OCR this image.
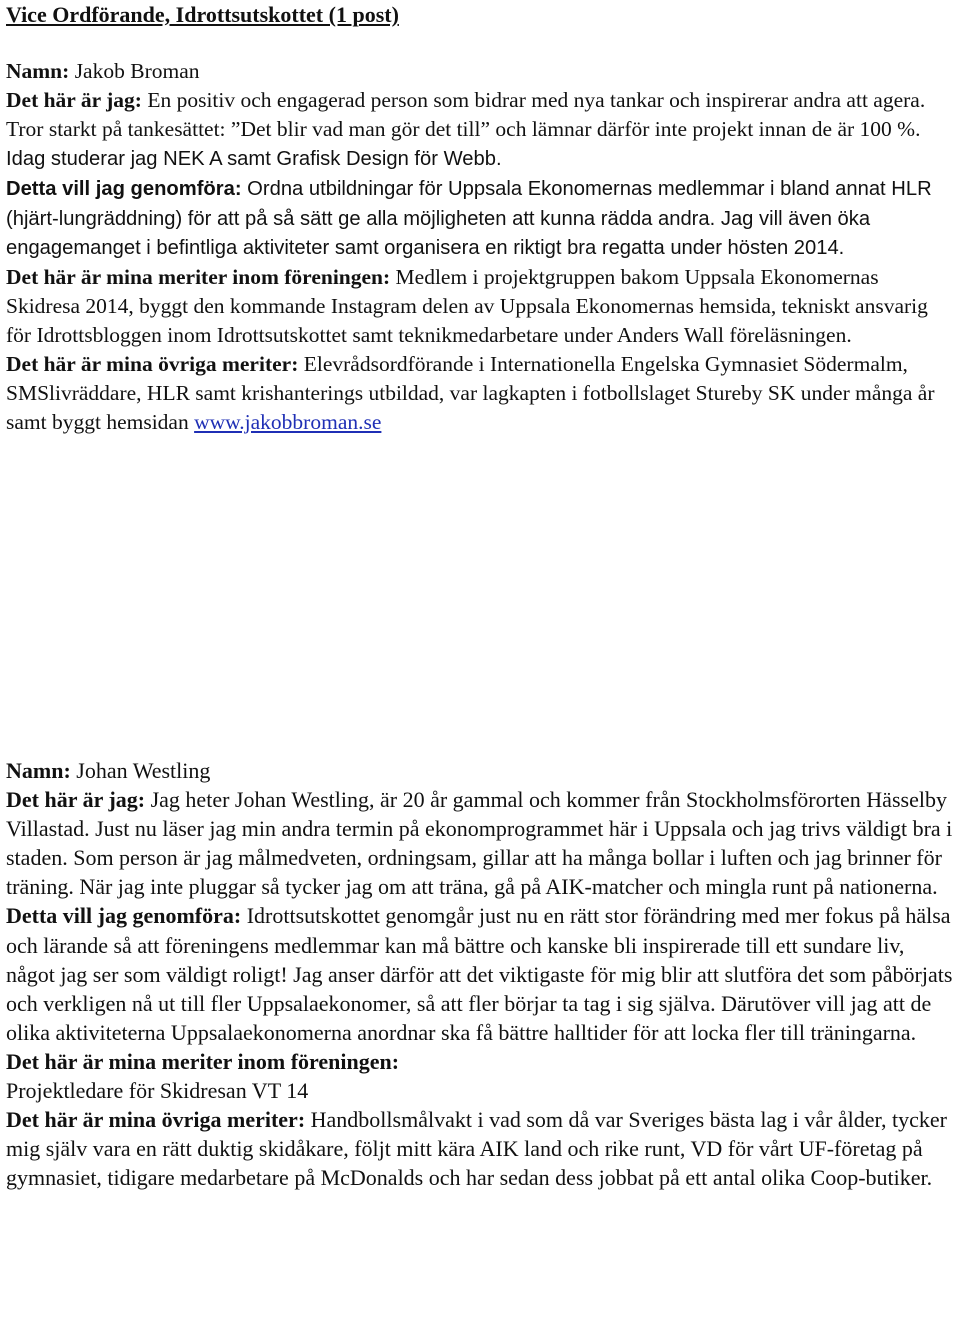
Vice Ordförande, Idrottsutskottet (1 post)

Namn: Jakob Broman

Det här är jag: En positiv och engagerad person som bidrar med nya tankar och inspirerar andra att agera. Tror starkt på tankesättet: ”Det blir vad man gör det till” och lämnar därför inte projekt innan de är 100 %. Idag studerar jag NEK A samt Grafisk Design för Webb.

Detta vill jag genomföra: Ordna utbildningar för Uppsala Ekonomernas medlemmar i bland annat HLR (hjärt-lungräddning) för att på så sätt ge alla möjligheten att kunna rädda andra. Jag vill även öka engagemanget i befintliga aktiviteter samt organisera en riktigt bra regatta under hösten 2014.

Det här är mina meriter inom föreningen: Medlem i projektgruppen bakom Uppsala Ekonomernas Skidresa 2014, byggt den kommande Instagram delen av Uppsala Ekonomernas hemsida, tekniskt ansvarig för Idrottsbloggen inom Idrottsutskottet samt teknikmedarbetare under Anders Wall föreläsningen.

Det här är mina övriga meriter: Elevrådsordförande i Internationella Engelska Gymnasiet Södermalm, SMSlivräddare, HLR samt krishanterings utbildad, var lagkapten i fotbollslaget Stureby SK under många år samt byggt hemsidan www.jakobbroman.se

Namn: Johan Westling

Det här är jag: Jag heter Johan Westling, är 20 år gammal och kommer från Stockholmsförorten Hässelby Villastad. Just nu läser jag min andra termin på ekonomprogrammet här i Uppsala och jag trivs väldigt bra i staden. Som person är jag målmedveten, ordningsam, gillar att ha många bollar i luften och jag brinner för träning. När jag inte pluggar så tycker jag om att träna, gå på AIK-matcher och mingla runt på nationerna.

Detta vill jag genomföra: Idrottsutskottet genomgår just nu en rätt stor förändring med mer fokus på hälsa och lärande så att föreningens medlemmar kan må bättre och kanske bli inspirerade till ett sundare liv, något jag ser som väldigt roligt! Jag anser därför att det viktigaste för mig blir att slutföra det som påbörjats och verkligen nå ut till fler Uppsalaekonomer, så att fler börjar ta tag i sig själva. Därutöver vill jag att de olika aktiviteterna Uppsalaekonomerna anordnar ska få bättre halltider för att locka fler till träningarna.

Det här är mina meriter inom föreningen:

Projektledare för Skidresan VT 14

Det här är mina övriga meriter: Handbollsmålvakt i vad som då var Sveriges bästa lag i vår ålder, tycker mig själv vara en rätt duktig skidåkare, följt mitt kära AIK land och rike runt, VD för vårt UF-företag på gymnasiet, tidigare medarbetare på McDonalds och har sedan dess jobbat på ett antal olika Coop-butiker.
